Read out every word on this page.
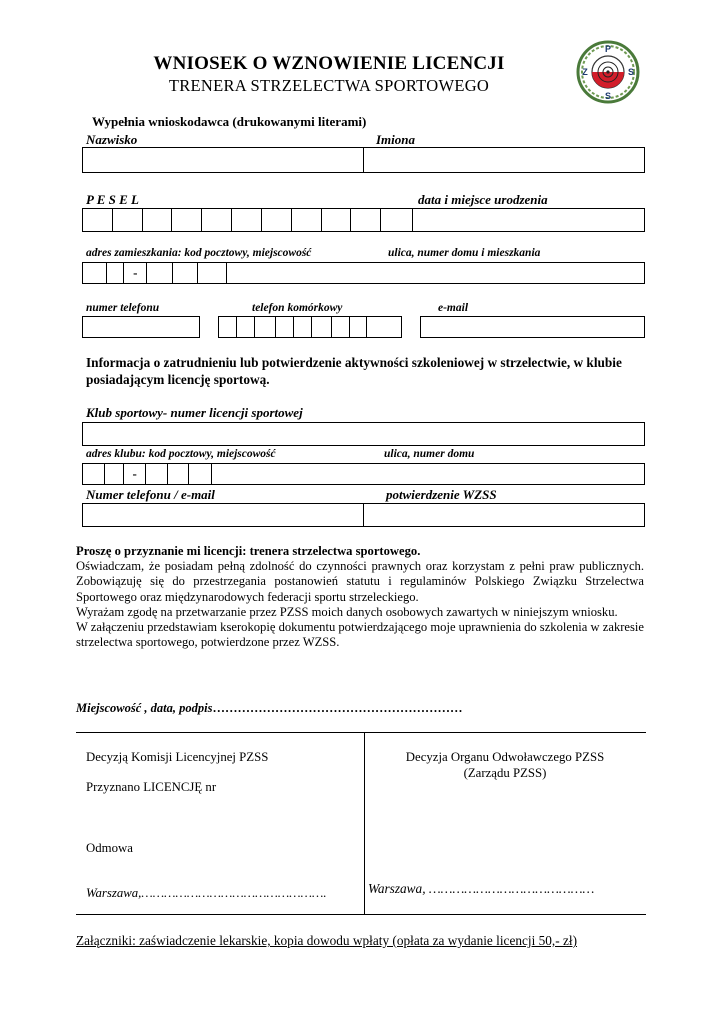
WNIOSEK O WZNOWIENIE LICENCJI
TRENERA STRZELECTWA SPORTOWEGO
P
Z	S
S
Wypełnia wnioskodawca (drukowanymi literami)
Nazwisko	Imiona
P E S E L	data i miejsce urodzenia
adres zamieszkania: kod pocztowy, miejscowość	ulica, numer domu i mieszkania
-
numer telefonu	telefon komórkowy	e-mail
Informacja o zatrudnieniu lub potwierdzenie aktywności szkoleniowej w strzelectwie, w klubie posiadającym licencję sportową.
Klub sportowy- numer licencji sportowej
adres klubu: kod pocztowy, miejscowość	ulica, numer domu
-
Numer telefonu / e-mail	potwierdzenie WZSS

Proszę o przyznanie mi licencji: trenera strzelectwa sportowego.

Oświadczam, że posiadam pełną zdolność do czynności prawnych oraz korzystam z pełni praw publicznych. Zobowiązuję się do przestrzegania postanowień statutu i regulaminów Polskiego Związku Strzelectwa Sportowego oraz międzynarodowych federacji sportu strzeleckiego.

Wyrażam zgodę na przetwarzanie przez PZSS moich danych osobowych zawartych w niniejszym wniosku.

W załączeniu przedstawiam kserokopię dokumentu potwierdzającego moje uprawnienia do szkolenia w zakresie strzelectwa sportowego, potwierdzone przez WZSS.

Miejscowość , data, podpis……………………………………………………
Decyzją Komisji Licencyjnej PZSS
Przyznano LICENCJĘ nr
Odmowa
Warszawa,………………………………………….
Decyzja Organu Odwoławczego PZSS
(Zarządu PZSS)
Warszawa, ……………………………………
Załączniki: zaświadczenie lekarskie, kopia dowodu wpłaty (opłata za wydanie licencji 50,- zł)
